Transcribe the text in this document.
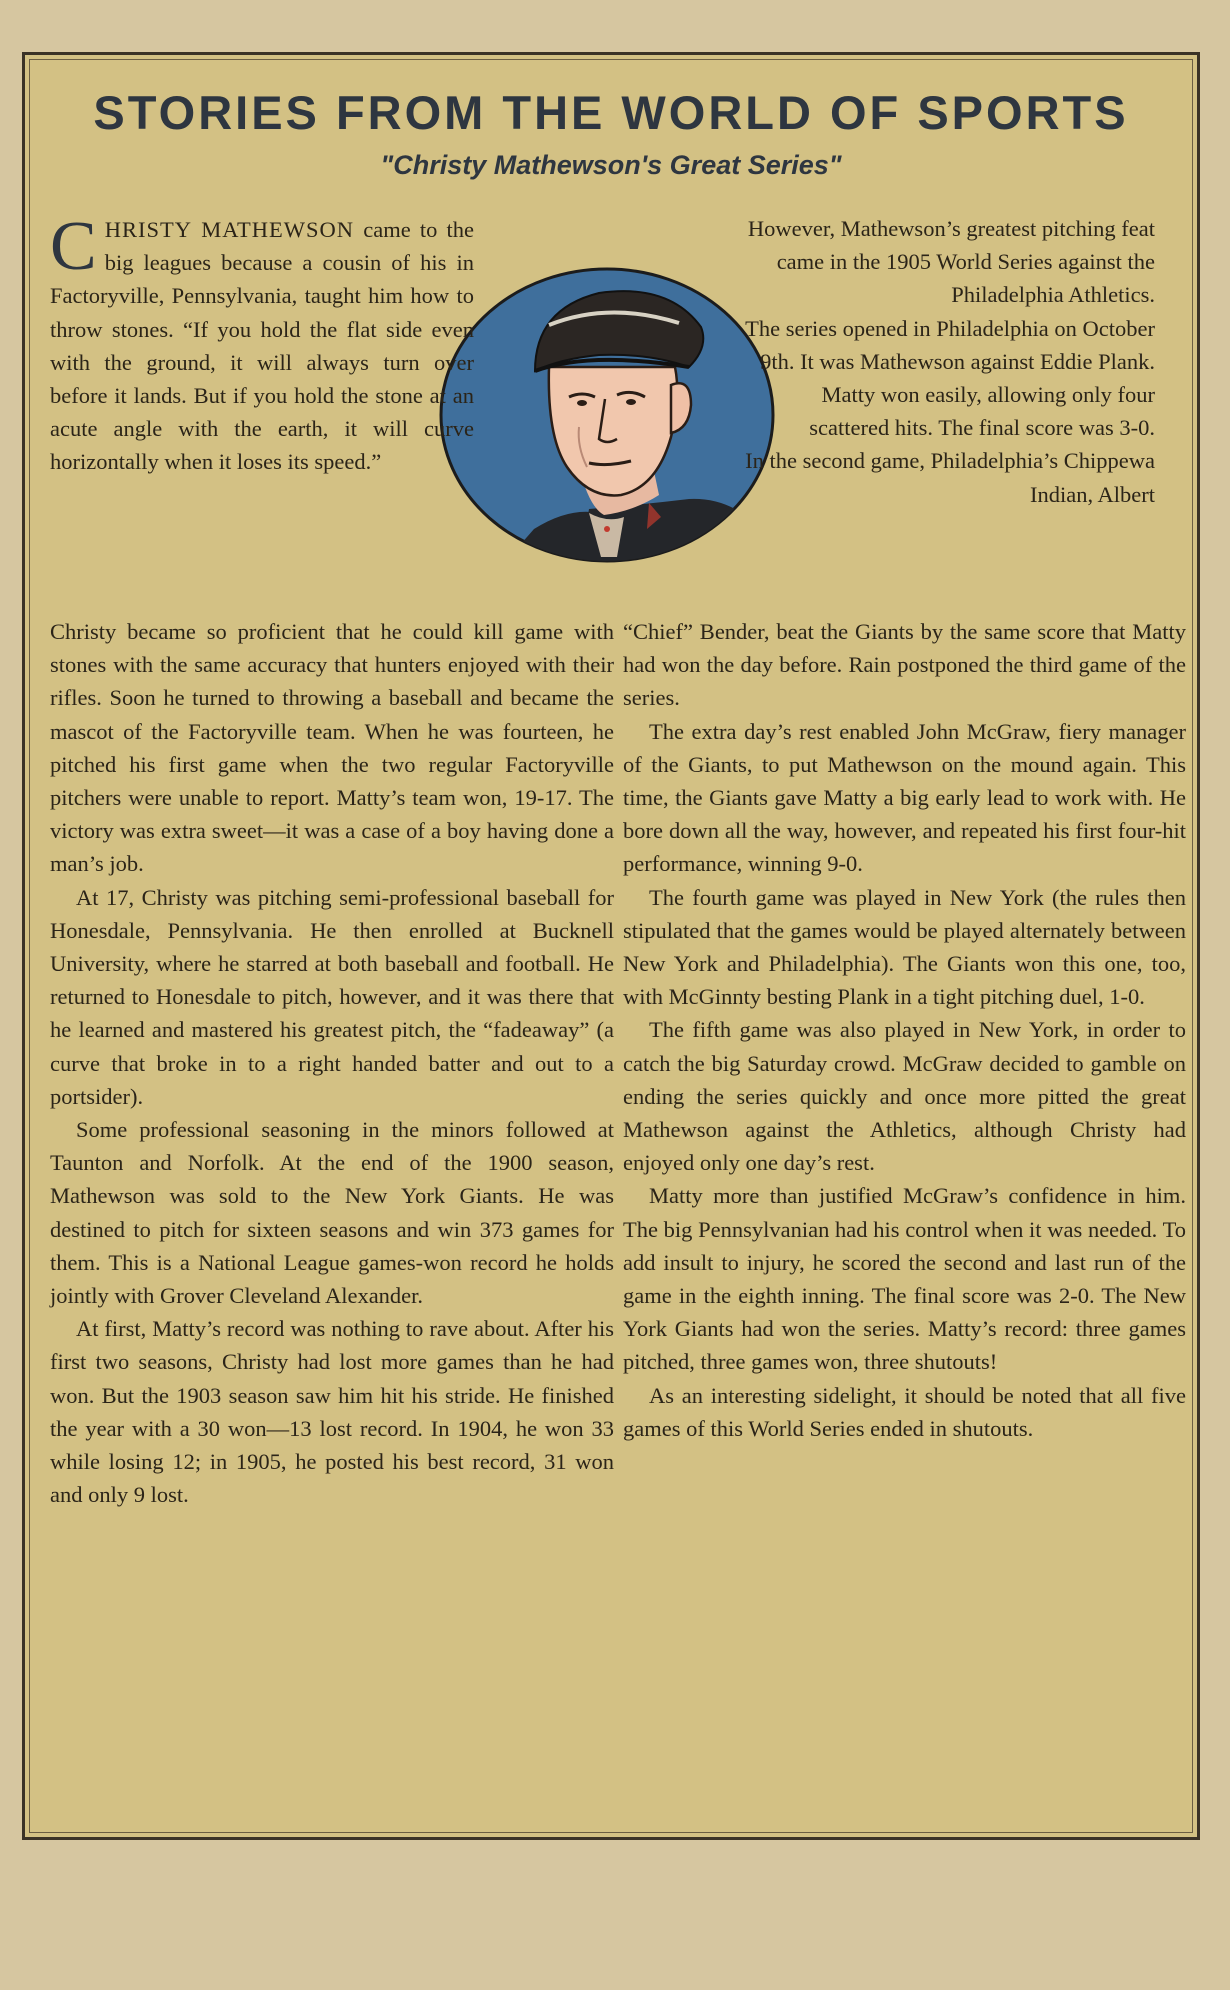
STORIES FROM THE WORLD OF SPORTS
"Christy Mathewson's Great Series"
C HRISTY MATHEWSON came to the big leagues because a cousin of his in Factoryville, Pennsylvania, taught him how to throw stones. “If you hold the flat side even with the ground, it will always turn over before it lands. But if you hold the stone at an acute angle with the earth, it will curve horizontally when it loses its speed.”

Christy became so proficient that he could kill game with stones with the same accuracy that hunters enjoyed with their rifles. Soon he turned to throwing a baseball and became the mascot of the Factoryville team. When he was fourteen, he pitched his first game when the two regular Factoryville pitchers were unable to report. Matty’s team won, 19-17. The victory was extra sweet—it was a case of a boy having done a man’s job.

At 17, Christy was pitching semi-professional baseball for Honesdale, Pennsylvania. He then enrolled at Bucknell University, where he starred at both baseball and football. He returned to Honesdale to pitch, however, and it was there that he learned and mastered his greatest pitch, the “fadeaway” (a curve that broke in to a right handed batter and out to a portsider).

Some professional seasoning in the minors followed at Taunton and Norfolk. At the end of the 1900 season, Mathewson was sold to the New York Giants. He was destined to pitch for sixteen seasons and win 373 games for them. This is a National League games-won record he holds jointly with Grover Cleveland Alexander.

At first, Matty’s record was nothing to rave about. After his first two seasons, Christy had lost more games than he had won. But the 1903 season saw him hit his stride. He finished the year with a 30 won—13 lost record. In 1904, he won 33 while losing 12; in 1905, he posted his best record, 31 won and only 9 lost.

However, Mathewson’s greatest pitching feat came in the 1905 World Series against the Philadelphia Athletics.

The series opened in Philadelphia on October 9th. It was Mathewson against Eddie Plank. Matty won easily, allowing only four scattered hits. The final score was 3-0.

In the second game, Philadelphia’s Chippewa Indian, Albert

“Chief” Bender, beat the Giants by the same score that Matty had won the day before. Rain postponed the third game of the series.

The extra day’s rest enabled John McGraw, fiery manager of the Giants, to put Mathewson on the mound again. This time, the Giants gave Matty a big early lead to work with. He bore down all the way, however, and repeated his first four-hit performance, winning 9-0.

The fourth game was played in New York (the rules then stipulated that the games would be played alternately between New York and Philadelphia). The Giants won this one, too, with McGinnty besting Plank in a tight pitching duel, 1-0.

The fifth game was also played in New York, in order to catch the big Saturday crowd. McGraw decided to gamble on ending the series quickly and once more pitted the great Mathewson against the Athletics, although Christy had enjoyed only one day’s rest.

Matty more than justified McGraw’s confidence in him. The big Pennsylvanian had his control when it was needed. To add insult to injury, he scored the second and last run of the game in the eighth inning. The final score was 2-0. The New York Giants had won the series. Matty’s record: three games pitched, three games won, three shutouts!

As an interesting sidelight, it should be noted that all five games of this World Series ended in shutouts.
